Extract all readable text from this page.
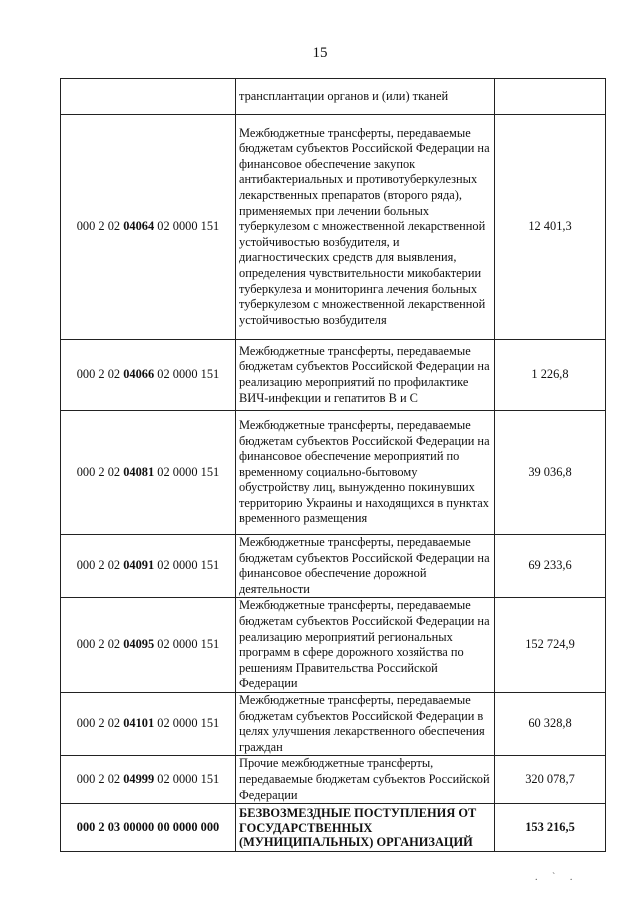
15
	трансплантации органов и (или) тканей	
000 2 02 04064 02 0000 151	Межбюджетные трансферты, передаваемые бюджетам субъектов Российской Федерации на финансовое обеспечение закупок антибактериальных и противотуберкулезных лекарственных препаратов (второго ряда), применяемых при лечении больных туберкулезом с множественной лекарственной устойчивостью возбудителя, и диагностических средств для выявления, определения чувствительности микобактерии туберкулеза и мониторинга лечения больных туберкулезом с множественной лекарственной устойчивостью возбудителя	12 401,3
000 2 02 04066 02 0000 151	Межбюджетные трансферты, передаваемые бюджетам субъектов Российской Федерации на реализацию мероприятий по профилактике ВИЧ-инфекции и гепатитов В и С	1 226,8
000 2 02 04081 02 0000 151	Межбюджетные трансферты, передаваемые бюджетам субъектов Российской Федерации на финансовое обеспечение мероприятий по временному социально-бытовому обустройству лиц, вынужденно покинувших территорию Украины и находящихся в пунктах временного размещения	39 036,8
000 2 02 04091 02 0000 151	Межбюджетные трансферты, передаваемые бюджетам субъектов Российской Федерации на финансовое обеспечение дорожной деятельности	69 233,6
000 2 02 04095 02 0000 151	Межбюджетные трансферты, передаваемые бюджетам субъектов Российской Федерации на реализацию мероприятий региональных программ в сфере дорожного хозяйства по решениям Правительства Российской Федерации	152 724,9
000 2 02 04101 02 0000 151	Межбюджетные трансферты, передаваемые бюджетам субъектов Российской Федерации в целях улучшения лекарственного обеспечения граждан	60 328,8
000 2 02 04999 02 0000 151	Прочие межбюджетные трансферты, передаваемые бюджетам субъектов Российской Федерации	320 078,7
000 2 03 00000 00 0000 000	БЕЗВОЗМЕЗДНЫЕ ПОСТУПЛЕНИЯ ОТ ГОСУДАРСТВЕННЫХ (МУНИЦИПАЛЬНЫХ) ОРГАНИЗАЦИЙ	153 216,5
. ` .
